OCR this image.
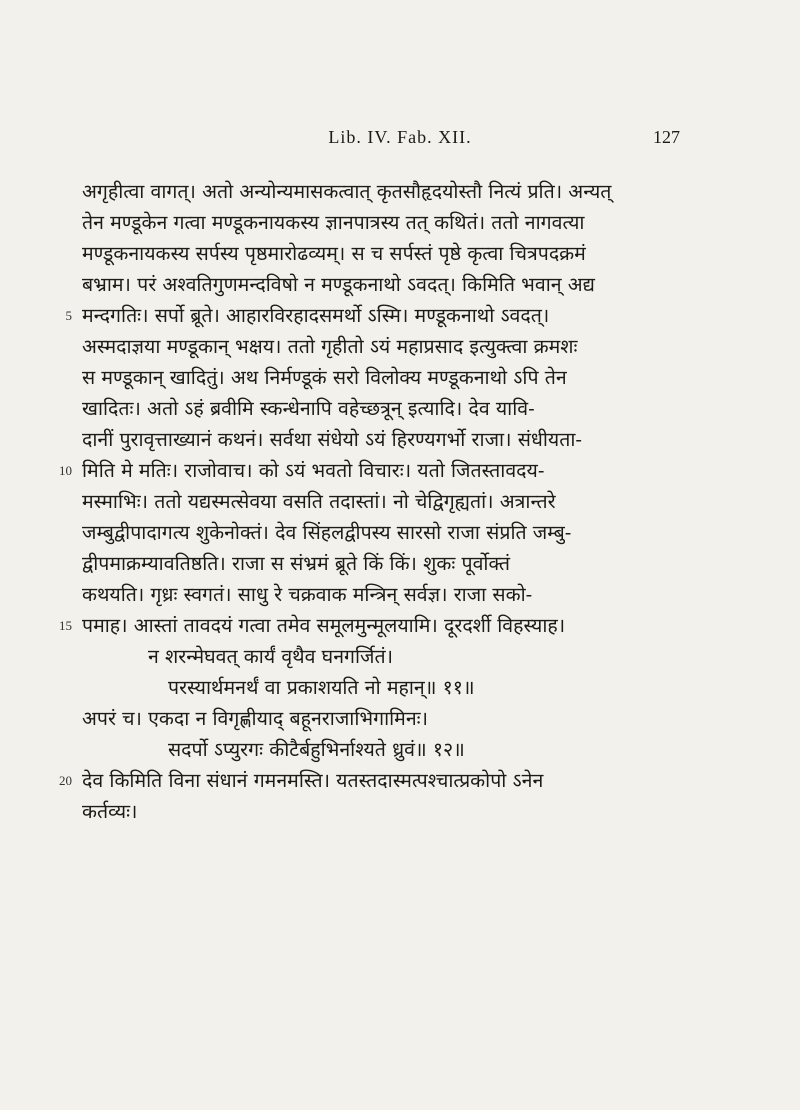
Lib. IV. Fab. XII.	127
अगृहीत्वा वागत्। अतो अन्योन्यमासकत्वात् कृतसौहृदयोस्तौ नित्यं प्रति। अन्यत्
तेन मण्डूकेन गत्वा मण्डूकनायकस्य ज्ञानपात्रस्य तत् कथितं। ततो नागवत्या
मण्डूकनायकस्य सर्पस्य पृष्ठमारोढव्यम्। स च सर्पस्तं पृष्ठे कृत्वा चित्रपदक्रमं
बभ्राम। परं अश्वतिगुणमन्दविषो न मण्डूकनाथो ऽवदत्। किमिति भवान् अद्य
5 मन्दगतिः। सर्पो ब्रूते। आहारविरहादसमर्थो ऽस्मि। मण्डूकनाथो ऽवदत्।
अस्मदाज्ञया मण्डूकान् भक्षय। ततो गृहीतो ऽयं महाप्रसाद इत्युक्त्वा क्रमशः
स मण्डूकान् खादितुं। अथ निर्मण्डूकं सरो विलोक्य मण्डूकनाथो ऽपि तेन
खादितः। अतो ऽहं ब्रवीमि स्कन्धेनापि वहेच्छत्रून् इत्यादि। देव यावि-
दानीं पुरावृत्ताख्यानं कथनं। सर्वथा संधेयो ऽयं हिरण्यगर्भो राजा। संधीयता-
10 मिति मे मतिः। राजोवाच। को ऽयं भवतो विचारः। यतो जितस्तावदय-
मस्माभिः। ततो यद्यस्मत्सेवया वसति तदास्तां। नो चेद्विगृह्यतां। अत्रान्तरे
जम्बुद्वीपादागत्य शुकेनोक्तं। देव सिंहलद्वीपस्य सारसो राजा संप्रति जम्बु-
द्वीपमाक्रम्यावतिष्ठति। राजा स संभ्रमं ब्रूते किं किं। शुकः पूर्वोक्तं
कथयति। गृध्रः स्वगतं। साधु रे चक्रवाक मन्त्रिन् सर्वज्ञ। राजा सको-
15 पमाह। आस्तां तावदयं गत्वा तमेव समूलमुन्मूलयामि। दूरदर्शी विहस्याह।
न शरन्मेघवत् कार्यं वृथैव घनगर्जितं।
परस्यार्थमनर्थं वा प्रकाशयति नो महान्॥ ११॥
अपरं च। एकदा न विगृह्णीयाद् बहूनराजाभिगामिनः।
सदर्पो ऽप्युरगः कीटैर्बहुभिर्नाश्यते ध्रुवं॥ १२॥
20 देव किमिति विना संधानं गमनमस्ति। यतस्तदास्मत्पश्चात्प्रकोपो ऽनेन
कर्तव्यः।
